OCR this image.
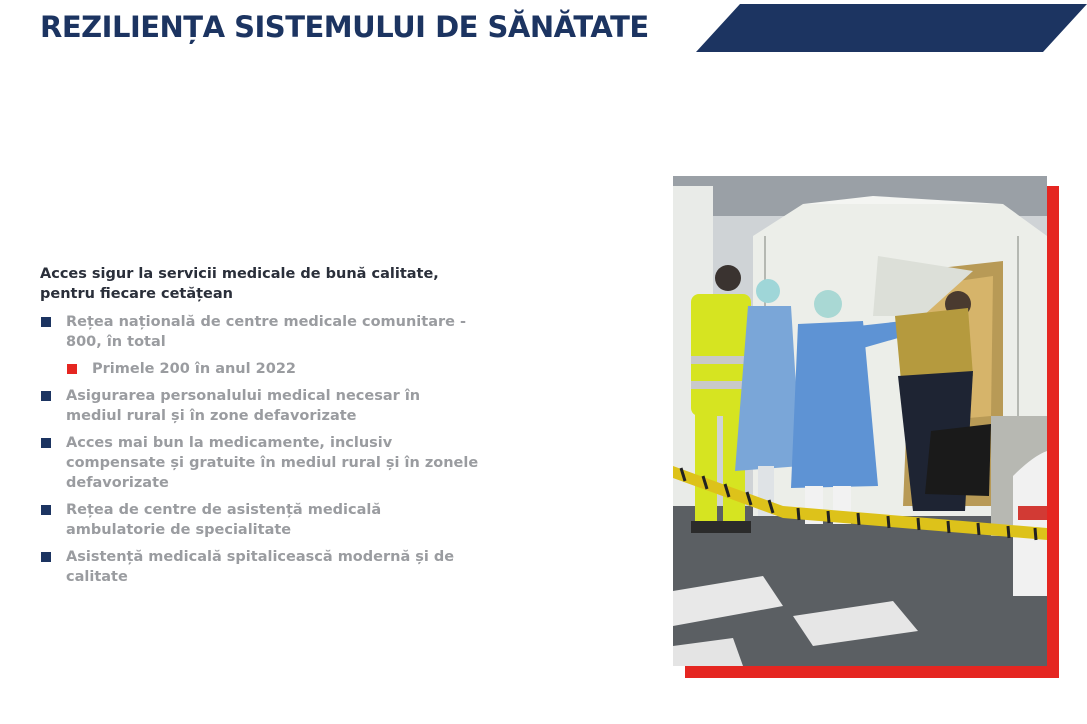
REZILIENȚA SISTEMULUI DE SĂNĂTATE
Acces sigur la servicii medicale de bună calitate, pentru fiecare cetățean
Rețea națională de centre medicale comunitare - 800, în total
Primele 200 în anul 2022
Asigurarea personalului medical necesar în mediul rural și în zone defavorizate
Acces mai bun la medicamente, inclusiv compensate și gratuite în mediul rural și în zonele defavorizate
Rețea de centre de asistență medicală ambulatorie de specialitate
Asistență medicală spitalicească modernă și de calitate
